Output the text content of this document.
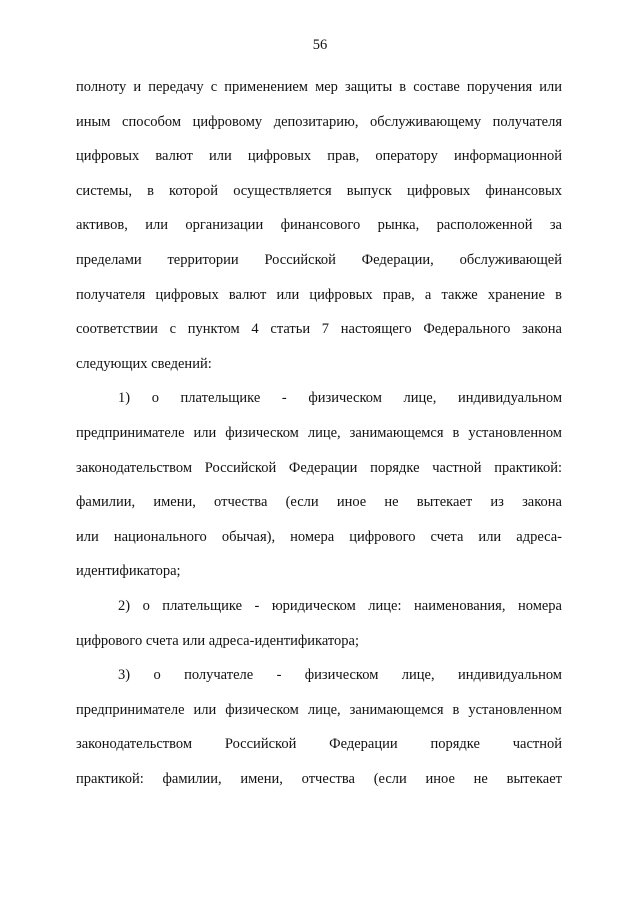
56
полноту и передачу с применением мер защиты в составе поручения или
иным способом цифровому депозитарию, обслуживающему получателя
цифровых валют или цифровых прав, оператору информационной
системы, в которой осуществляется выпуск цифровых финансовых
активов, или организации финансового рынка, расположенной за
пределами территории Российской Федерации, обслуживающей
получателя цифровых валют или цифровых прав, а также хранение в
соответствии с пунктом 4 статьи 7 настоящего Федерального закона
следующих сведений:
1) о плательщике - физическом лице, индивидуальном
предпринимателе или физическом лице, занимающемся в установленном
законодательством Российской Федерации порядке частной практикой:
фамилии, имени, отчества (если иное не вытекает из закона
или национального обычая), номера цифрового счета или адреса-
идентификатора;
2) о плательщике - юридическом лице: наименования, номера
цифрового счета или адреса-идентификатора;
3) о получателе - физическом лице, индивидуальном
предпринимателе или физическом лице, занимающемся в установленном
законодательством Российской Федерации порядке частной
практикой: фамилии, имени, отчества (если иное не вытекает
